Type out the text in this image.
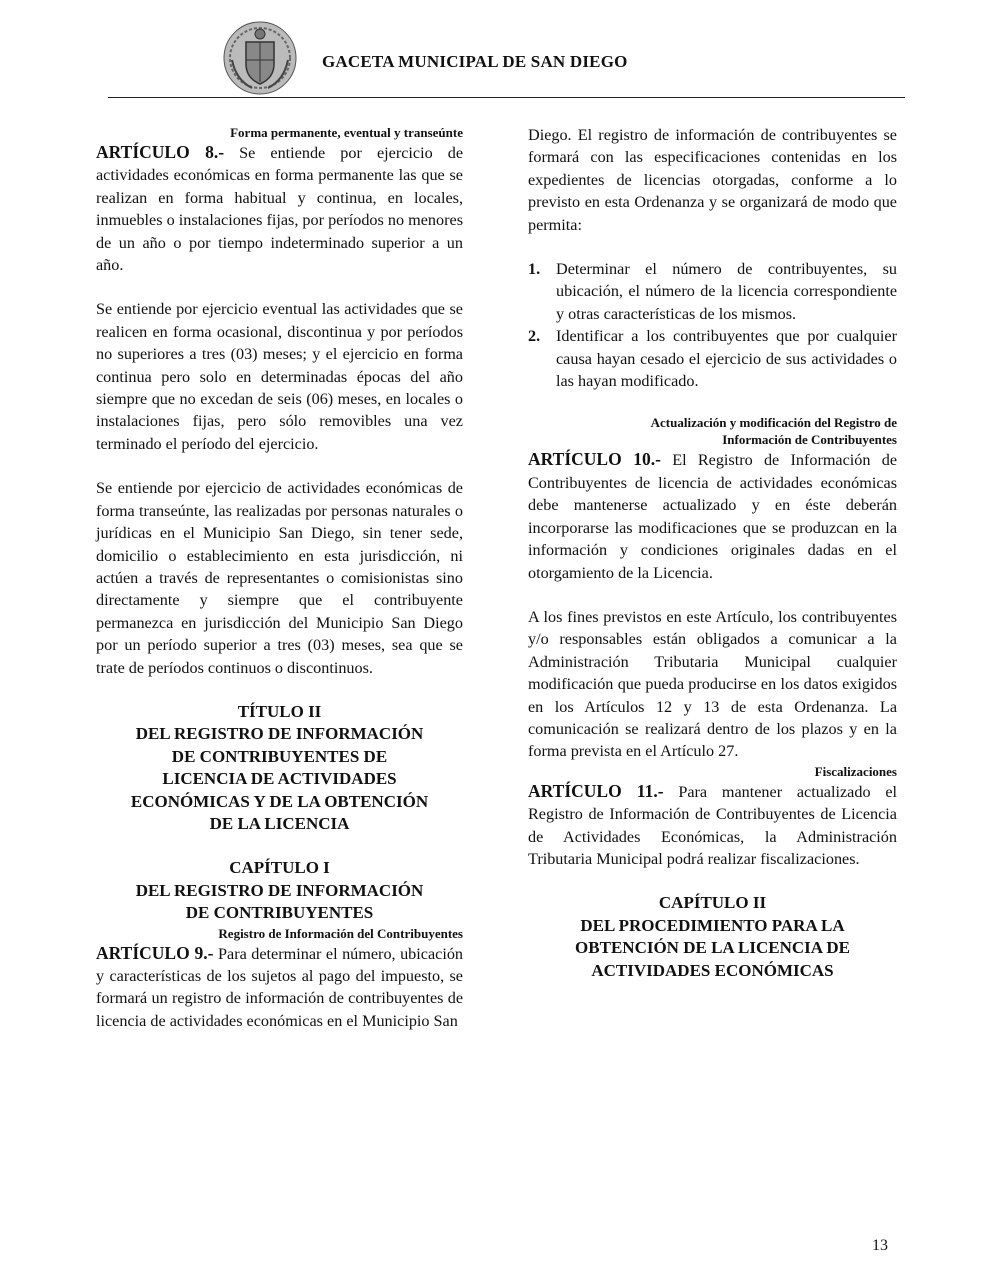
GACETA MUNICIPAL DE SAN DIEGO

Forma permanente, eventual y transeúnte

ARTÍCULO 8.- Se entiende por ejercicio de actividades económicas en forma permanente las que se realizan en forma habitual y continua, en locales, inmuebles o instalaciones fijas, por períodos no menores de un año o por tiempo indeterminado superior a un año.

Se entiende por ejercicio eventual las actividades que se realicen en forma ocasional, discontinua y por períodos no superiores a tres (03) meses; y el ejercicio en forma continua pero solo en determinadas épocas del año siempre que no excedan de seis (06) meses, en locales o instalaciones fijas, pero sólo removibles una vez terminado el período del ejercicio.

Se entiende por ejercicio de actividades económicas de forma transeúnte, las realizadas por personas naturales o jurídicas en el Municipio San Diego, sin tener sede, domicilio o establecimiento en esta jurisdicción, ni actúen a través de representantes o comisionistas sino directamente y siempre que el contribuyente permanezca en jurisdicción del Municipio San Diego por un período superior a tres (03) meses, sea que se trate de períodos continuos o discontinuos.

TÍTULO II

DEL REGISTRO DE INFORMACIÓN

DE CONTRIBUYENTES DE

LICENCIA DE ACTIVIDADES

ECONÓMICAS Y DE LA OBTENCIÓN

DE LA LICENCIA

CAPÍTULO I

DEL REGISTRO DE INFORMACIÓN

DE CONTRIBUYENTES

Registro de Información del Contribuyentes

ARTÍCULO 9.- Para determinar el número, ubicación y características de los sujetos al pago del impuesto, se formará un registro de información de contribuyentes de licencia de actividades económicas en el Municipio San

Diego. El registro de información de contribuyentes se formará con las especificaciones contenidas en los expedientes de licencias otorgadas, conforme a lo previsto en esta Ordenanza y se organizará de modo que permita:

1. Determinar el número de contribuyentes, su ubicación, el número de la licencia correspondiente y otras características de los mismos.
2. Identificar a los contribuyentes que por cualquier causa hayan cesado el ejercicio de sus actividades o las hayan modificado.

Actualización y modificación del Registro de

Información de Contribuyentes

ARTÍCULO 10.- El Registro de Información de Contribuyentes de licencia de actividades económicas debe mantenerse actualizado y en éste deberán incorporarse las modificaciones que se produzcan en la información y condiciones originales dadas en el otorgamiento de la Licencia.

A los fines previstos en este Artículo, los contribuyentes y/o responsables están obligados a comunicar a la Administración Tributaria Municipal cualquier modificación que pueda producirse en los datos exigidos en los Artículos 12 y 13 de esta Ordenanza. La comunicación se realizará dentro de los plazos y en la forma prevista en el Artículo 27.

Fiscalizaciones

ARTÍCULO 11.- Para mantener actualizado el Registro de Información de Contribuyentes de Licencia de Actividades Económicas, la Administración Tributaria Municipal podrá realizar fiscalizaciones.

CAPÍTULO II

DEL PROCEDIMIENTO PARA LA

OBTENCIÓN DE LA LICENCIA DE

ACTIVIDADES ECONÓMICAS

13
